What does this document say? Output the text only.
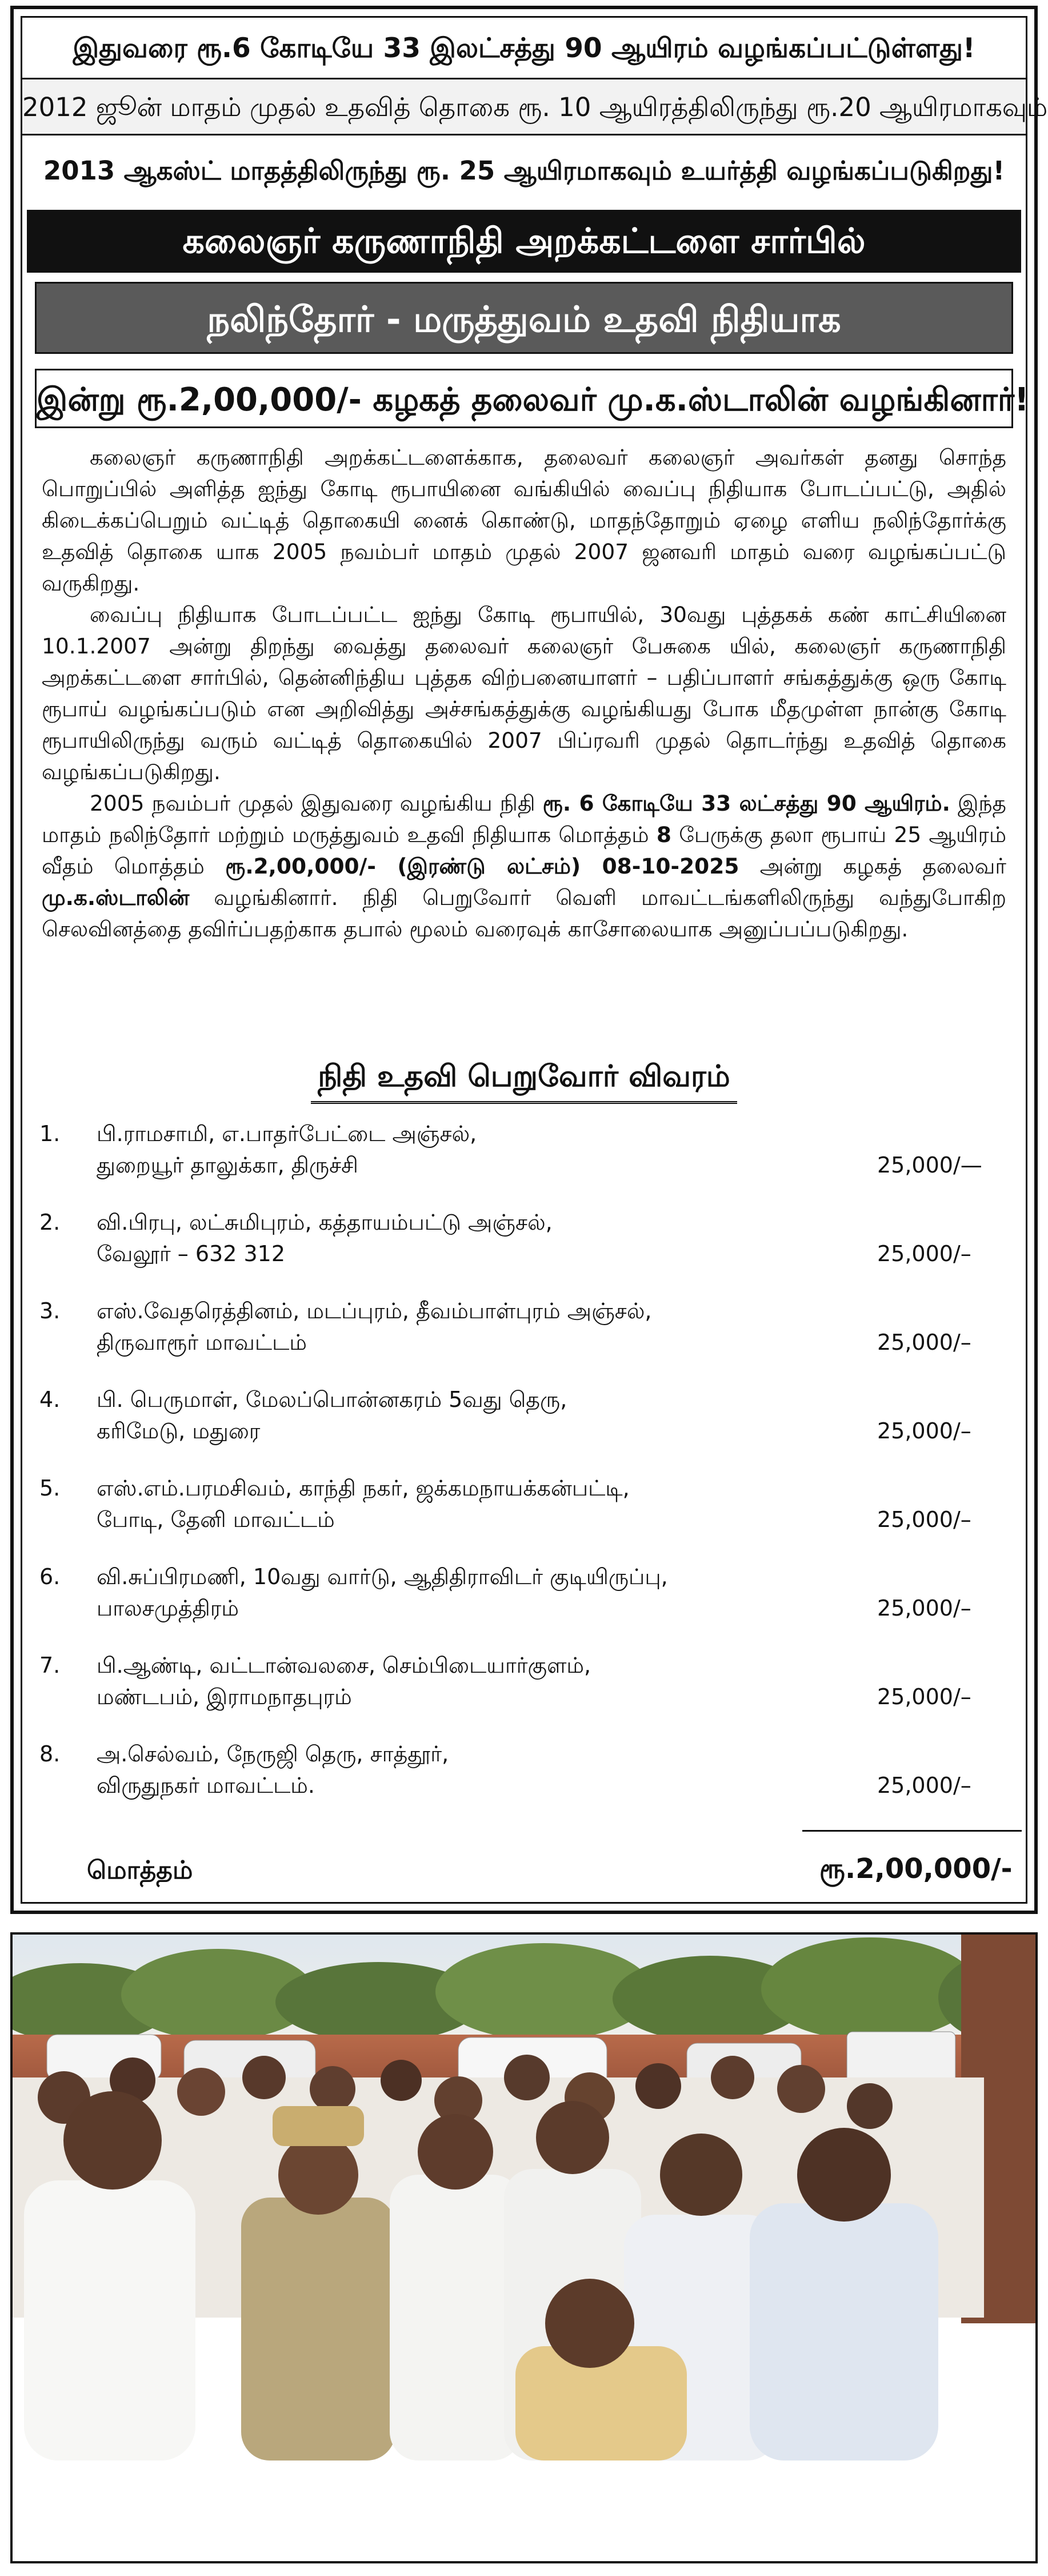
இதுவரை ரூ.6 கோடியே 33 இலட்சத்து 90 ஆயிரம் வழங்கப்பட்டுள்ளது!
2012 ஜூன் மாதம் முதல் உதவித் தொகை ரூ. 10 ஆயிரத்திலிருந்து ரூ.20 ஆயிரமாகவும்
2013 ஆகஸ்ட் மாதத்திலிருந்து ரூ. 25 ஆயிரமாகவும் உயர்த்தி வழங்கப்படுகிறது!
கலைஞர் கருணாநிதி அறக்கட்டளை சார்பில்
நலிந்தோர் - மருத்துவம் உதவி நிதியாக
இன்று ரூ.2,00,000/- கழகத் தலைவர் மு.க.ஸ்டாலின் வழங்கினார்!

கலைஞர் கருணாநிதி அறக்கட்டளைக்காக, தலைவர் கலைஞர் அவர்கள் தனது சொந்த பொறுப்பில் அளித்த ஐந்து கோடி ரூபாயினை வங்கியில் வைப்பு நிதியாக போடப்பட்டு, அதில் கிடைக்கப்பெறும் வட்டித் தொகையி னைக் கொண்டு, மாதந்தோறும் ஏழை எளிய நலிந்தோர்க்கு உதவித் தொகை யாக 2005 நவம்பர் மாதம் முதல் 2007 ஜனவரி மாதம் வரை வழங்கப்பட்டு வருகிறது.

வைப்பு நிதியாக போடப்பட்ட ஐந்து கோடி ரூபாயில், 30வது புத்தகக் கண் காட்சியினை 10.1.2007 அன்று திறந்து வைத்து தலைவர் கலைஞர் பேசுகை யில், கலைஞர் கருணாநிதி அறக்கட்டளை சார்பில், தென்னிந்திய புத்தக விற்பனையாளர் – பதிப்பாளர் சங்கத்துக்கு ஒரு கோடி ரூபாய் வழங்கப்படும் என அறிவித்து அச்சங்கத்துக்கு வழங்கியது போக மீதமுள்ள நான்கு கோடி ரூபாயிலிருந்து வரும் வட்டித் தொகையில் 2007 பிப்ரவரி முதல் தொடர்ந்து உதவித் தொகை வழங்கப்படுகிறது.

2005 நவம்பர் முதல் இதுவரை வழங்கிய நிதி ரூ. 6 கோடியே 33 லட்சத்து 90 ஆயிரம். இந்த மாதம் நலிந்தோர் மற்றும் மருத்துவம் உதவி நிதியாக மொத்தம் 8 பேருக்கு தலா ரூபாய் 25 ஆயிரம் வீதம் மொத்தம் ரூ.2,00,000/- (இரண்டு லட்சம்) 08-10-2025 அன்று கழகத் தலைவர் மு.க.ஸ்டாலின் வழங்கினார். நிதி பெறுவோர் வெளி மாவட்டங்களிலிருந்து வந்துபோகிற செலவினத்தை தவிர்ப்பதற்காக தபால் மூலம் வரைவுக் காசோலையாக அனுப்பப்படுகிறது.

நிதி உதவி பெறுவோர் விவரம்
1.	பி.ராமசாமி, எ.பாதர்பேட்டை அஞ்சல்,
துறையூர் தாலுக்கா, திருச்சி	25,000/—
2.	வி.பிரபு, லட்சுமிபுரம், கத்தாயம்பட்டு அஞ்சல்,
வேலூர் – 632 312	25,000/–
3.	எஸ்.வேதரெத்தினம், மடப்புரம், தீவம்பாள்புரம் அஞ்சல்,
திருவாரூர் மாவட்டம்	25,000/–
4.	பி. பெருமாள், மேலப்பொன்னகரம் 5வது தெரு,
கரிமேடு, மதுரை	25,000/–
5.	எஸ்.எம்.பரமசிவம், காந்தி நகர், ஜக்கமநாயக்கன்பட்டி,
போடி, தேனி மாவட்டம்	25,000/–
6.	வி.சுப்பிரமணி, 10வது வார்டு, ஆதிதிராவிடர் குடியிருப்பு,
பாலசமுத்திரம்	25,000/–
7.	பி.ஆண்டி, வட்டான்வலசை, செம்பிடையார்குளம்,
மண்டபம், இராமநாதபுரம்	25,000/–
8.	அ.செல்வம், நேருஜி தெரு, சாத்தூர்,
விருதுநகர் மாவட்டம்.	25,000/–
மொத்தம்	ரூ.2,00,000/-
